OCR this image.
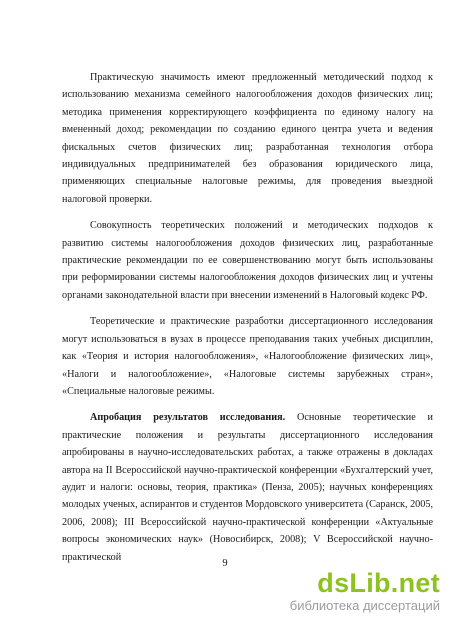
Практическую значимость имеют предложенный методический подход к использованию механизма семейного налогообложения доходов физических лиц; методика применения корректирующего коэффициента по единому налогу на вмененный доход; рекомендации по созданию единого центра учета и ведения фискальных счетов физических лиц; разработанная технология отбора индивидуальных предпринимателей без образования юридического лица, применяющих специальные налоговые режимы, для проведения выездной налоговой проверки.

Совокупность теоретических положений и методических подходов к развитию системы налогообложения доходов физических лиц, разработанные практические рекомендации по ее совершенствованию могут быть использованы при реформировании системы налогообложения доходов физических лиц и учтены органами законодательной власти при внесении изменений в Налоговый кодекс РФ.

Теоретические и практические разработки диссертационного исследования могут использоваться в вузах в процессе преподавания таких учебных дисциплин, как «Теория и история налогообложения», «Налогообложение физических лиц», «Налоги и налогообложение», «Налоговые системы зарубежных стран», «Специальные налоговые режимы.

Апробация результатов исследования. Основные теоретические и практические положения и результаты диссертационного исследования апробированы в научно-исследовательских работах, а также отражены в докладах автора на II Всероссийской научно-практической конференции «Бухгалтерский учет, аудит и налоги: основы, теория, практика» (Пенза, 2005); научных конференциях молодых ученых, аспирантов и студентов Мордовского университета (Саранск, 2005, 2006, 2008); III Всероссийской научно-практической конференции «Актуальные вопросы экономических наук» (Новосибирск, 2008); V Всероссийской научно-практической

9
dsLib.net
библиотека диссертаций
